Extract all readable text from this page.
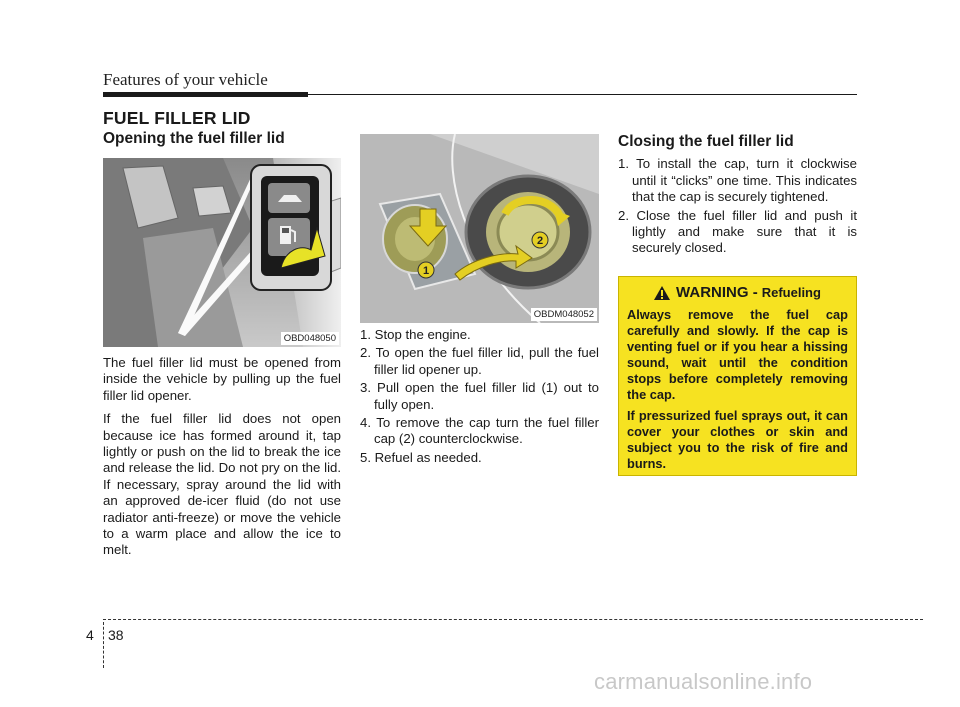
Features of your vehicle
FUEL FILLER LID
Opening the fuel filler lid
OBD048050

The fuel filler lid must be opened from inside the vehicle by pulling up the fuel filler lid opener.

If the fuel filler lid does not open because ice has formed around it, tap lightly or push on the lid to break the ice and release the lid. Do not pry on the lid. If necessary, spray around the lid with an approved de-icer fluid (do not use radiator anti-freeze) or move the vehicle to a warm place and allow the ice to melt.

1
2
OBDM048052
1. Stop the engine.
2. To open the fuel filler lid, pull the fuel filler lid opener up.
3. Pull open the fuel filler lid (1) out to fully open.
4. To remove the cap turn the fuel filler cap (2) counterclockwise.
5. Refuel as needed.
Closing the fuel filler lid
1. To install the cap, turn it clockwise until it “clicks” one time. This indicates that the cap is securely tightened.
2. Close the fuel filler lid and push it lightly and make sure that it is securely closed.
WARNING - Refueling

Always remove the fuel cap carefully and slowly. If the cap is venting fuel or if you hear a hissing sound, wait until the condition stops before completely removing the cap.

If pressurized fuel sprays out, it can cover your clothes or skin and subject you to the risk of fire and burns.

4 38
carmanualsonline.info
